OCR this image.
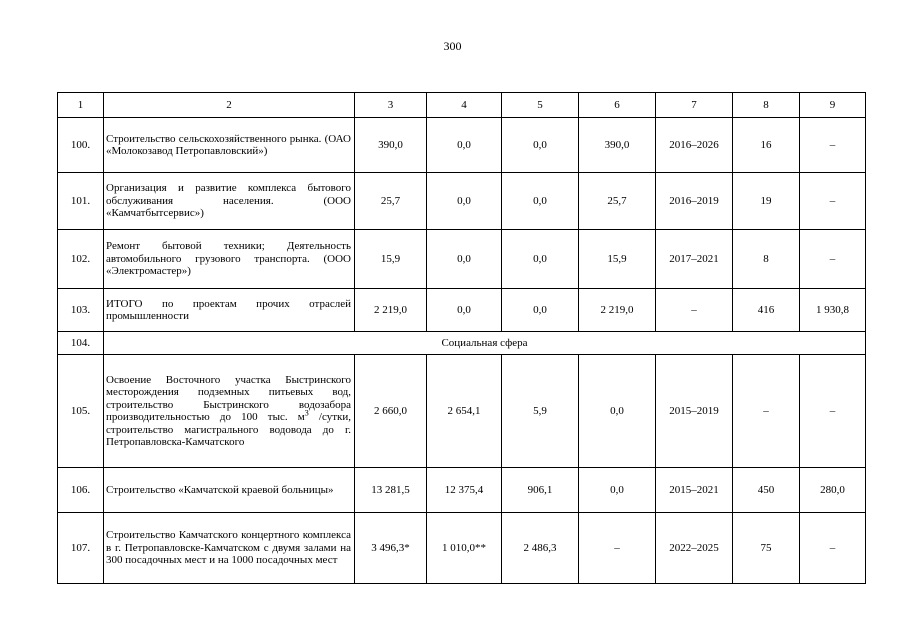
300
1	2	3	4	5	6	7	8	9
100.	Строительство сельскохозяйственного рынка. (ОАО «Молокозавод Петропавловский»)	390,0	0,0	0,0	390,0	2016–2026	16	–
101.	Организация и развитие комплекса бытового обслуживания населения. (ООО «Камчатбытсервис»)	25,7	0,0	0,0	25,7	2016–2019	19	–
102.	Ремонт бытовой техники; Деятельность автомобильного грузового транспорта. (ООО «Электромастер»)	15,9	0,0	0,0	15,9	2017–2021	8	–
103.	ИТОГО по проектам прочих отраслей промышленности	2 219,0	0,0	0,0	2 219,0	–	416	1 930,8
104.	Социальная сфера							
105.	Освоение Восточного участка Быстринского месторождения подземных питьевых вод, строительство Быстринского водозабора производительностью до 100 тыс. $м^3$ /сутки, строительство магистрального водовода до г. Петропавловска-Камчатского	2 660,0	2 654,1	5,9	0,0	2015–2019	–	–
106.	Строительство «Камчатской краевой больницы»	13 281,5	12 375,4	906,1	0,0	2015–2021	450	280,0
107.	Строительство Камчатского концертного комплекса в г. Петропавловске-Камчатском с двумя залами на 300 посадочных мест и на 1000 посадочных мест	3 496,3*	1 010,0**	2 486,3	–	2022–2025	75	–
